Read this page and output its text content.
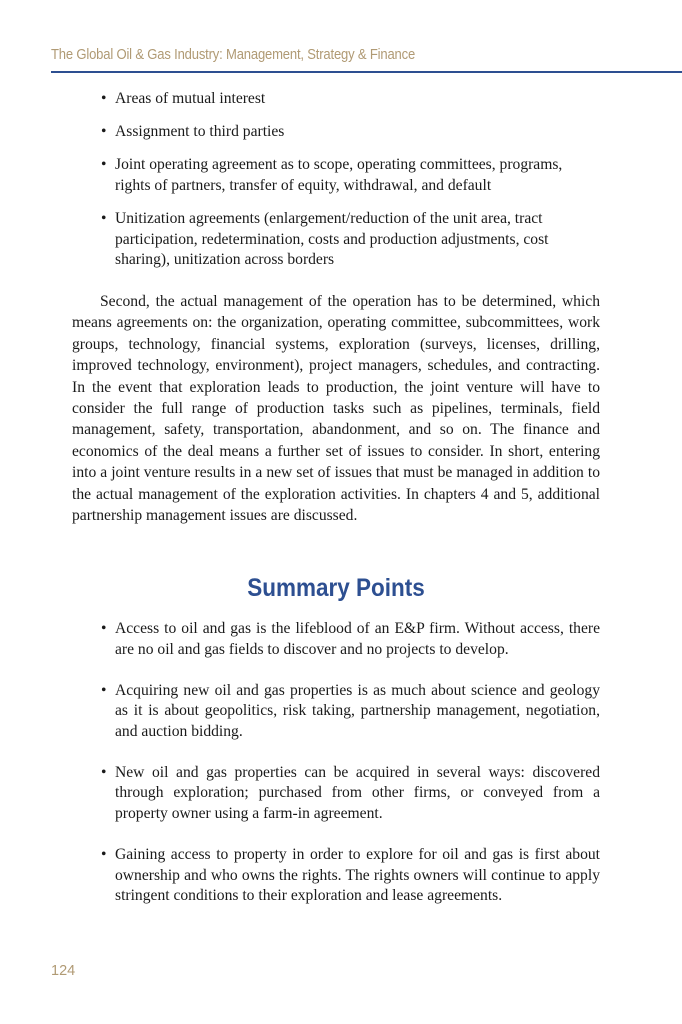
The Global Oil & Gas Industry: Management, Strategy & Finance
• Areas of mutual interest
• Assignment to third parties
• Joint operating agreement as to scope, operating committees, programs, rights of partners, transfer of equity, withdrawal, and default
• Unitization agreements (enlargement/reduction of the unit area, tract participation, redetermination, costs and production adjustments, cost sharing), unitization across borders

Second, the actual management of the operation has to be determined, which means agreements on: the organization, operating committee, subcommittees, work groups, technology, financial systems, exploration (surveys, licenses, drilling, improved technology, environment), project managers, schedules, and contracting. In the event that exploration leads to production, the joint venture will have to consider the full range of production tasks such as pipelines, terminals, field management, safety, transportation, abandonment, and so on. The finance and economics of the deal means a further set of issues to consider. In short, entering into a joint venture results in a new set of issues that must be managed in addition to the actual management of the exploration activities. In chapters 4 and 5, additional partnership management issues are discussed.

Summary Points
• Access to oil and gas is the lifeblood of an E&P firm. Without access, there are no oil and gas fields to discover and no projects to develop.
• Acquiring new oil and gas properties is as much about science and geology as it is about geopolitics, risk taking, partnership management, negotiation, and auction bidding.
• New oil and gas properties can be acquired in several ways: discovered through exploration; purchased from other firms, or conveyed from a property owner using a farm-in agreement.
• Gaining access to property in order to explore for oil and gas is first about ownership and who owns the rights. The rights owners will continue to apply stringent conditions to their exploration and lease agreements.
124
